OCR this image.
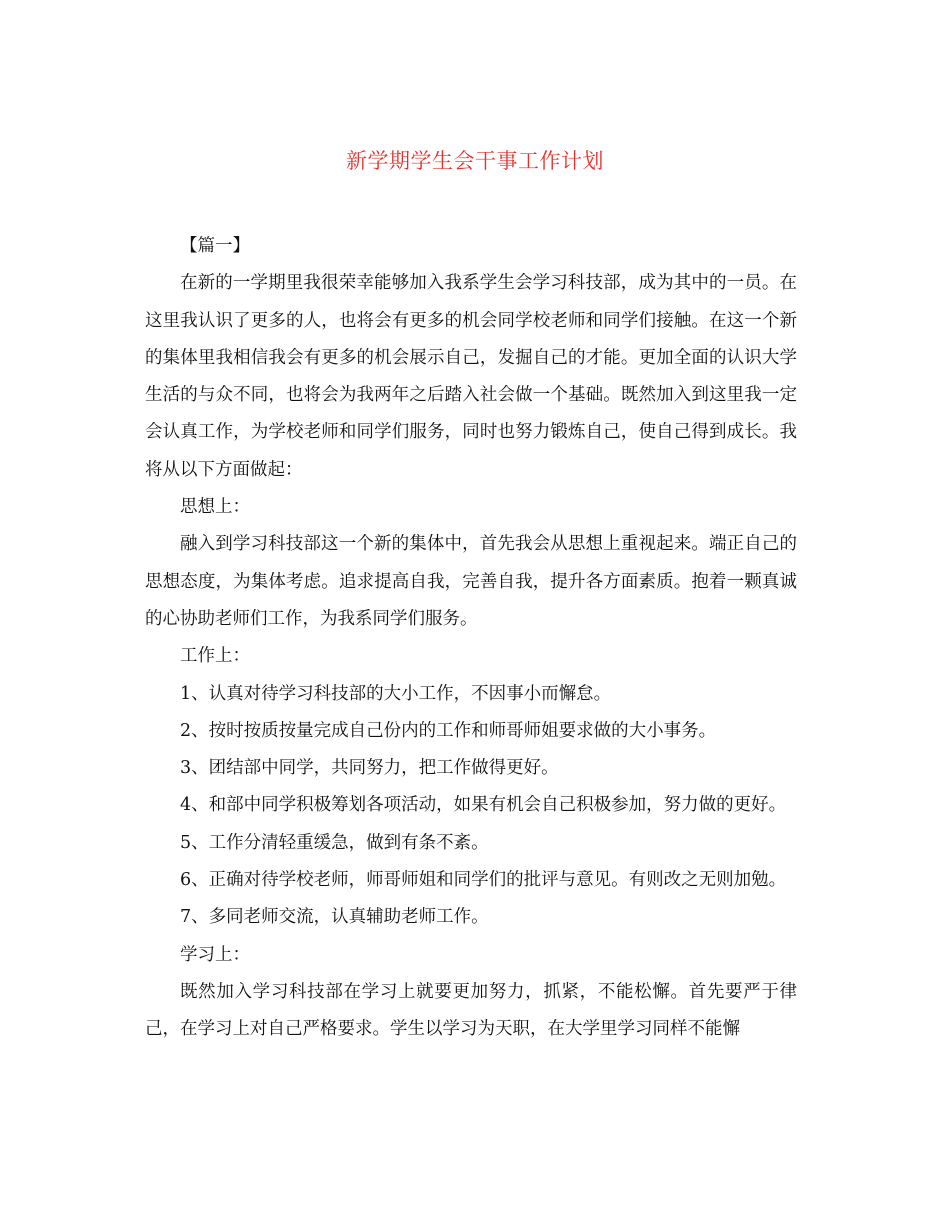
新学期学生会干事工作计划

【篇一】

在新的一学期里我很荣幸能够加入我系学生会学习科技部，成为其中的一员。在这里我认识了更多的人，也将会有更多的机会同学校老师和同学们接触。在这一个新的集体里我相信我会有更多的机会展示自己，发掘自己的才能。更加全面的认识大学生活的与众不同，也将会为我两年之后踏入社会做一个基础。既然加入到这里我一定会认真工作，为学校老师和同学们服务，同时也努力锻炼自己，使自己得到成长。我将从以下方面做起：

思想上：

融入到学习科技部这一个新的集体中，首先我会从思想上重视起来。端正自己的思想态度，为集体考虑。追求提高自我，完善自我，提升各方面素质。抱着一颗真诚的心协助老师们工作，为我系同学们服务。

工作上：

1、认真对待学习科技部的大小工作，不因事小而懈怠。

2、按时按质按量完成自己份内的工作和师哥师姐要求做的大小事务。

3、团结部中同学，共同努力，把工作做得更好。

4、和部中同学积极筹划各项活动，如果有机会自己积极参加，努力做的更好。

5、工作分清轻重缓急，做到有条不紊。

6、正确对待学校老师，师哥师姐和同学们的批评与意见。有则改之无则加勉。

7、多同老师交流，认真辅助老师工作。

学习上：

既然加入学习科技部在学习上就要更加努力，抓紧，不能松懈。首先要严于律己，在学习上对自己严格要求。学生以学习为天职，在大学里学习同样不能懈
